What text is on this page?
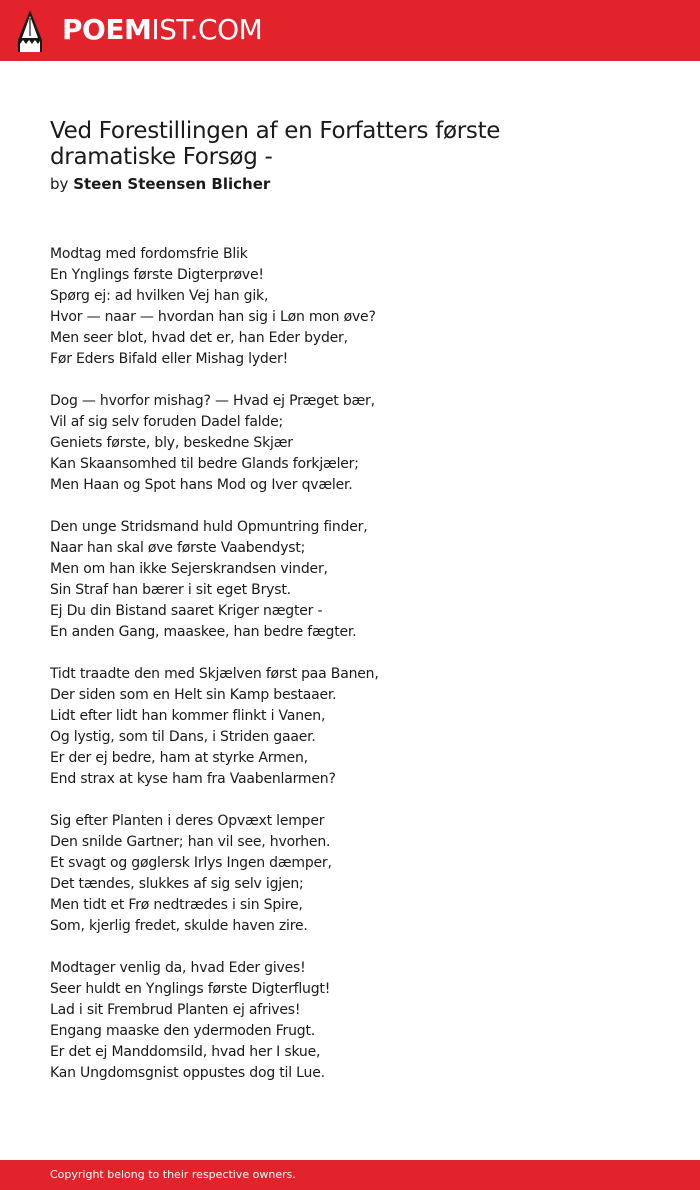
POEMIST.COM
Ved Forestillingen af en Forfatters første dramatiske Forsøg -
by Steen Steensen Blicher
Modtag med fordomsfrie Blik
En Ynglings første Digterprøve!
Spørg ej: ad hvilken Vej han gik,
Hvor — naar — hvordan han sig i Løn mon øve?
Men seer blot, hvad det er, han Eder byder,
Før Eders Bifald eller Mishag lyder!
Dog — hvorfor mishag? — Hvad ej Præget bær,
Vil af sig selv foruden Dadel falde;
Geniets første, bly, beskedne Skjær
Kan Skaansomhed til bedre Glands forkjæler;
Men Haan og Spot hans Mod og Iver qvæler.
Den unge Stridsmand huld Opmuntring finder,
Naar han skal øve første Vaabendyst;
Men om han ikke Sejerskrandsen vinder,
Sin Straf han bærer i sit eget Bryst.
Ej Du din Bistand saaret Kriger nægter -
En anden Gang, maaskee, han bedre fægter.
Tidt traadte den med Skjælven først paa Banen,
Der siden som en Helt sin Kamp bestaaer.
Lidt efter lidt han kommer flinkt i Vanen,
Og lystig, som til Dans, i Striden gaaer.
Er der ej bedre, ham at styrke Armen,
End strax at kyse ham fra Vaabenlarmen?
Sig efter Planten i deres Opvæxt lemper
Den snilde Gartner; han vil see, hvorhen.
Et svagt og gøglersk Irlys Ingen dæmper,
Det tændes, slukkes af sig selv igjen;
Men tidt et Frø nedtrædes i sin Spire,
Som, kjerlig fredet, skulde haven zire.
Modtager venlig da, hvad Eder gives!
Seer huldt en Ynglings første Digterflugt!
Lad i sit Frembrud Planten ej afrives!
Engang maaske den ydermoden Frugt.
Er det ej Manddomsild, hvad her I skue,
Kan Ungdomsgnist oppustes dog til Lue.
Copyright belong to their respective owners.
